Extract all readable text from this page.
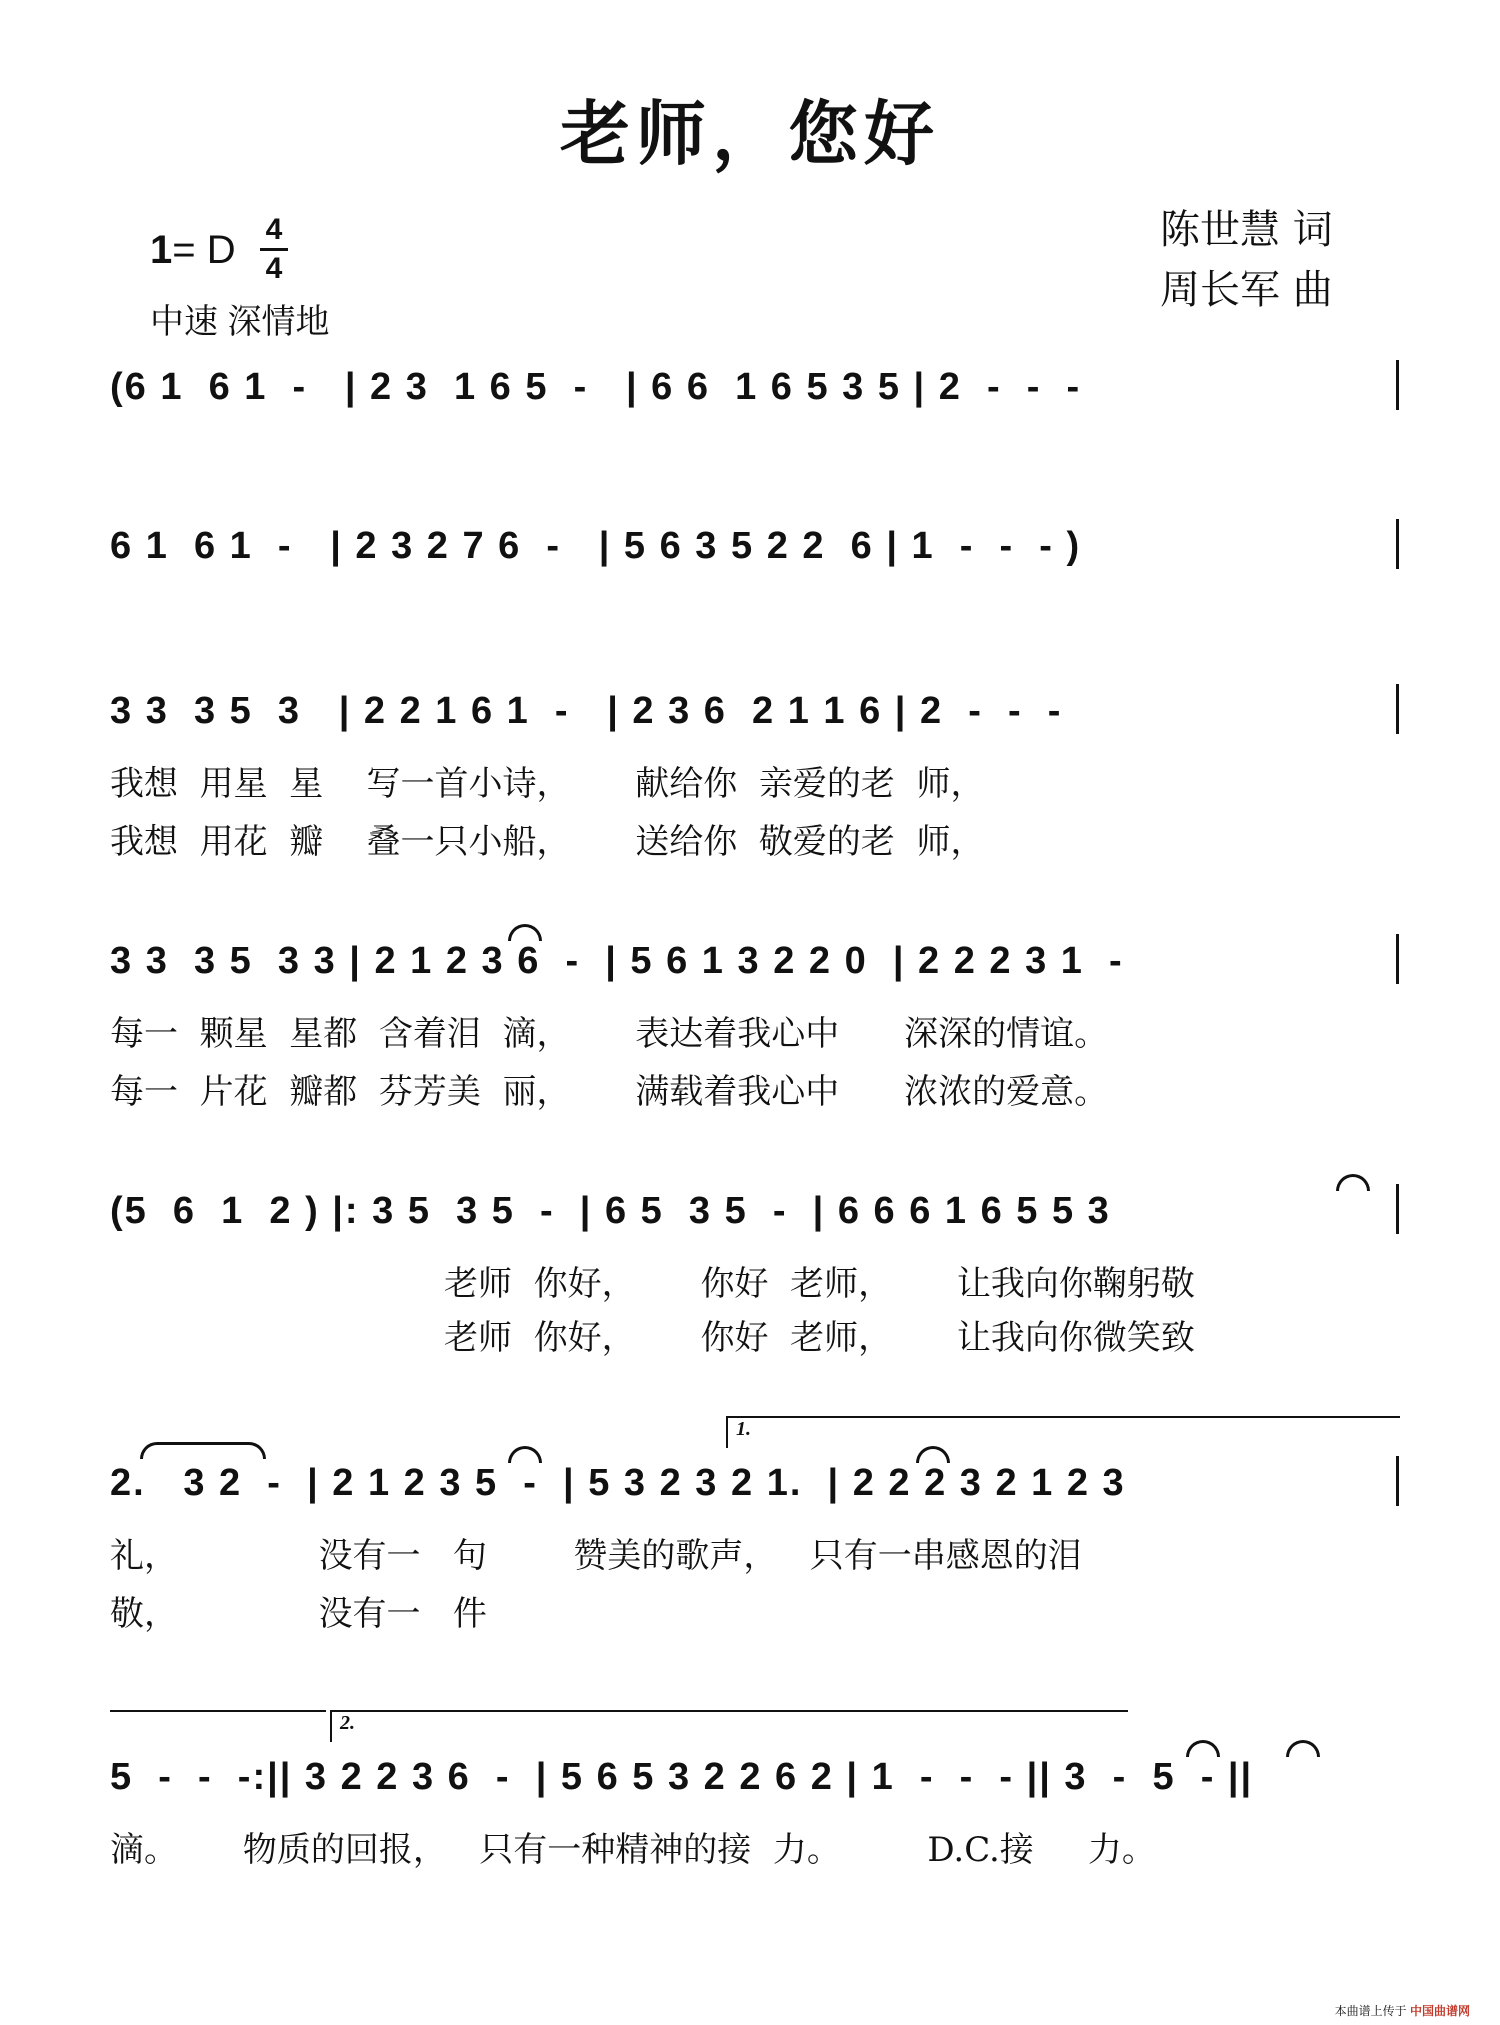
老师，您好
陈世慧 词
周长军 曲
1= D 4
4
中速 深情地
(6 1  6 1  -   | 2 3  1 6 5  -   | 6 6  1 6 5 3 5 | 2  -  -  -
6 1  6 1  -   | 2 3 2 7 6  -   | 5 6 3 5 2 2  6 | 1  -  -  - )
3 3  3 5  3   | 2 2 1 6 1  -   | 2 3 6  2 1 1 6 | 2  -  -  -
我想  用星  星    写一首小诗，      献给你  亲爱的老  师，
我想  用花  瓣    叠一只小船，      送给你  敬爱的老  师，
3 3  3 5  3 3 | 2 1 2 3 6  -  | 5 6 1 3 2 2 0  | 2 2 2 3 1  -
每一  颗星  星都  含着泪  滴，      表达着我心中      深深的情谊。
每一  片花  瓣都  芬芳美  丽，      满载着我心中      浓浓的爱意。
(5  6  1  2 ) |: 3 5  3 5  -  | 6 5  3 5  -  | 6 6 6 1 6 5 5 3
老师  你好，      你好  老师，      让我向你鞠躬敬
老师  你好，      你好  老师，      让我向你微笑致
1.
2.   3 2  -  | 2 1 2 3 5  -  | 5 3 2 3 2 1.  | 2 2 2 3 2 1 2 3
礼，             没有一   句        赞美的歌声，   只有一串感恩的泪
敬，             没有一   件
2.
5  -  -  -:|| 3 2 2 3 6  -  | 5 6 5 3 2 2 6 2 | 1  -  -  - || 3  -  5  - ||
滴。      物质的回报，   只有一种精神的接  力。        D.C.接     力。
本曲谱上传于 中国曲谱网
